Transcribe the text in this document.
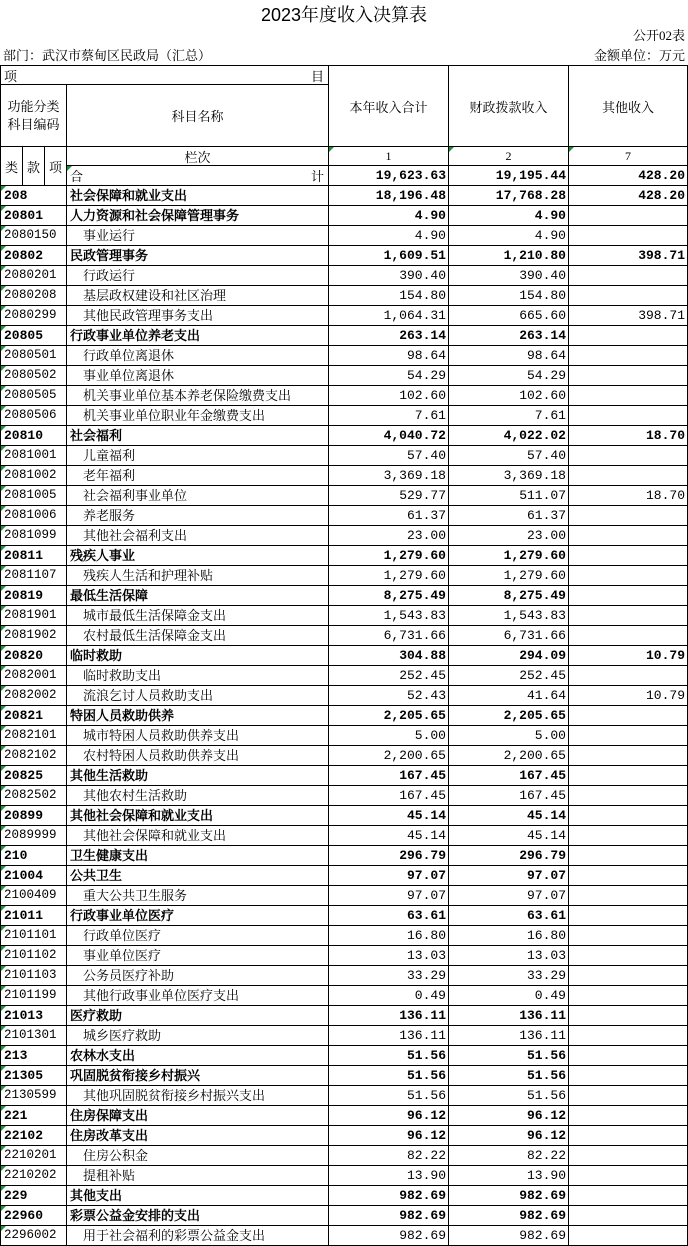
2023年度收入决算表
公开02表
部门：武汉市蔡甸区民政局（汇总）	金额单位：万元
项	目
功能分类
科目编码	科目名称
本年收入合计	财政拨款收入	其他收入
类 款 项
栏次	1	2	7
合	计	19,623.63	19,195.44	428.20
208	社会保障和就业支出	18,196.48	17,768.28	428.20
20801	人力资源和社会保障管理事务	4.90	4.90
2080150	事业运行	4.90	4.90
20802	民政管理事务	1,609.51	1,210.80	398.71
2080201	行政运行	390.40	390.40
2080208	基层政权建设和社区治理	154.80	154.80
2080299	其他民政管理事务支出	1,064.31	665.60	398.71
20805	行政事业单位养老支出	263.14	263.14
2080501	行政单位离退休	98.64	98.64
2080502	事业单位离退休	54.29	54.29
2080505	机关事业单位基本养老保险缴费支出	102.60	102.60
2080506	机关事业单位职业年金缴费支出	7.61	7.61
20810	社会福利	4,040.72	4,022.02	18.70
2081001	儿童福利	57.40	57.40
2081002	老年福利	3,369.18	3,369.18
2081005	社会福利事业单位	529.77	511.07	18.70
2081006	养老服务	61.37	61.37
2081099	其他社会福利支出	23.00	23.00
20811	残疾人事业	1,279.60	1,279.60
2081107	残疾人生活和护理补贴	1,279.60	1,279.60
20819	最低生活保障	8,275.49	8,275.49
2081901	城市最低生活保障金支出	1,543.83	1,543.83
2081902	农村最低生活保障金支出	6,731.66	6,731.66
20820	临时救助	304.88	294.09	10.79
2082001	临时救助支出	252.45	252.45
2082002	流浪乞讨人员救助支出	52.43	41.64	10.79
20821	特困人员救助供养	2,205.65	2,205.65
2082101	城市特困人员救助供养支出	5.00	5.00
2082102	农村特困人员救助供养支出	2,200.65	2,200.65
20825	其他生活救助	167.45	167.45
2082502	其他农村生活救助	167.45	167.45
20899	其他社会保障和就业支出	45.14	45.14
2089999	其他社会保障和就业支出	45.14	45.14
210	卫生健康支出	296.79	296.79
21004	公共卫生	97.07	97.07
2100409	重大公共卫生服务	97.07	97.07
21011	行政事业单位医疗	63.61	63.61
2101101	行政单位医疗	16.80	16.80
2101102	事业单位医疗	13.03	13.03
2101103	公务员医疗补助	33.29	33.29
2101199	其他行政事业单位医疗支出	0.49	0.49
21013	医疗救助	136.11	136.11
2101301	城乡医疗救助	136.11	136.11
213	农林水支出	51.56	51.56
21305	巩固脱贫衔接乡村振兴	51.56	51.56
2130599	其他巩固脱贫衔接乡村振兴支出	51.56	51.56
221	住房保障支出	96.12	96.12
22102	住房改革支出	96.12	96.12
2210201	住房公积金	82.22	82.22
2210202	提租补贴	13.90	13.90
229	其他支出	982.69	982.69
22960	彩票公益金安排的支出	982.69	982.69
2296002	用于社会福利的彩票公益金支出	982.69	982.69
